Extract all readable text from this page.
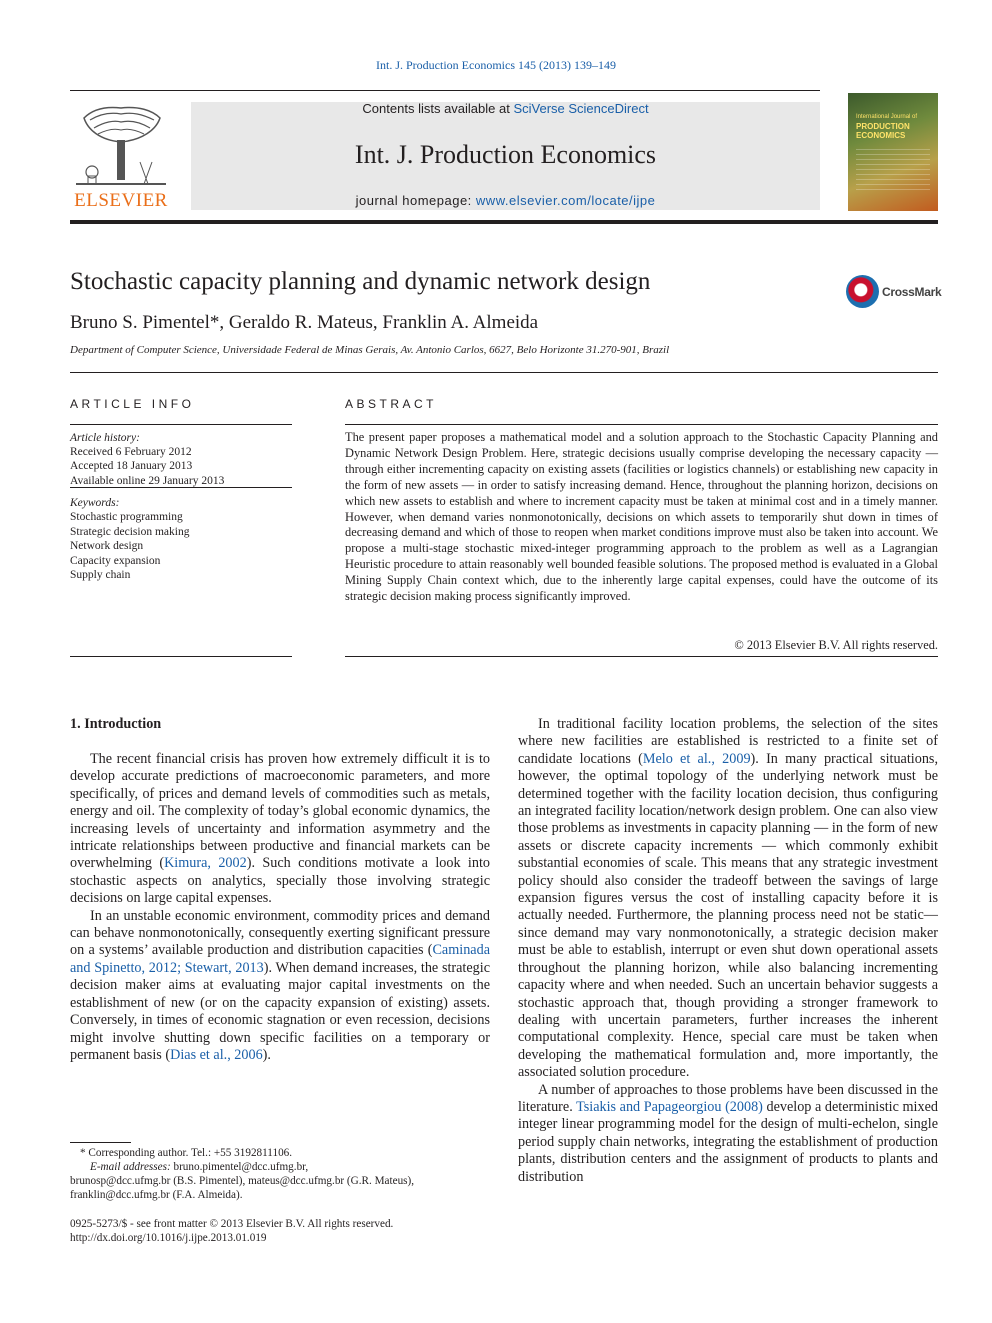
Int. J. Production Economics 145 (2013) 139–149
ELSEVIER
Contents lists available at SciVerse ScienceDirect
Int. J. Production Economics
journal homepage: www.elsevier.com/locate/ijpe
International Journal of
PRODUCTION
ECONOMICS
Stochastic capacity planning and dynamic network design	CrossMark
Bruno S. Pimentel*, Geraldo R. Mateus, Franklin A. Almeida
Department of Computer Science, Universidade Federal de Minas Gerais, Av. Antonio Carlos, 6627, Belo Horizonte 31.270-901, Brazil
ARTICLE INFO	ABSTRACT
Article history:
Received 6 February 2012
Accepted 18 January 2013
Available online 29 January 2013
Keywords:
Stochastic programming
Strategic decision making
Network design
Capacity expansion
Supply chain
The present paper proposes a mathematical model and a solution approach to the Stochastic Capacity Planning and Dynamic Network Design Problem. Here, strategic decisions usually comprise developing the necessary capacity — through either incrementing capacity on existing assets (facilities or logistics channels) or establishing new capacity in the form of new assets — in order to satisfy increasing demand. Hence, throughout the planning horizon, decisions on which new assets to establish and where to increment capacity must be taken at minimal cost and in a timely manner. However, when demand varies nonmonotonically, decisions on which assets to temporarily shut down in times of decreasing demand and which of those to reopen when market conditions improve must also be taken into account. We propose a multi-stage stochastic mixed-integer programming approach to the problem as well as a Lagrangian Heuristic procedure to attain reasonably well bounded feasible solutions. The proposed method is evaluated in a Global Mining Supply Chain context which, due to the inherently large capital expenses, could have the outcome of its strategic decision making process significantly improved.
© 2013 Elsevier B.V. All rights reserved.
1. Introduction

The recent financial crisis has proven how extremely difficult it is to develop accurate predictions of macroeconomic parameters, and more specifically, of prices and demand levels of commodities such as metals, energy and oil. The complexity of today’s global economic dynamics, the increasing levels of uncertainty and information asymmetry and the intricate relationships between productive and financial markets can be overwhelming (Kimura, 2002). Such conditions motivate a look into stochastic aspects on analytics, specially those involving strategic decisions on large capital expenses.

In an unstable economic environment, commodity prices and demand can behave nonmonotonically, consequently exerting significant pressure on a systems’ available production and distribution capacities (Caminada and Spinetto, 2012; Stewart, 2013). When demand increases, the strategic decision maker aims at evaluating major capital investments on the establishment of new (or on the capacity expansion of existing) assets. Conversely, in times of economic stagnation or even recession, decisions might involve shutting down specific facilities on a temporary or permanent basis (Dias et al., 2006).

In traditional facility location problems, the selection of the sites where new facilities are established is restricted to a finite set of candidate locations (Melo et al., 2009). In many practical situations, however, the optimal topology of the underlying network must be determined together with the facility location decision, thus configuring an integrated facility location/network design problem. One can also view those problems as investments in capacity planning — in the form of new assets or discrete capacity increments — which commonly exhibit substantial economies of scale. This means that any strategic investment policy should also consider the tradeoff between the savings of large expansion figures versus the cost of installing capacity before it is actually needed. Furthermore, the planning process need not be static—since demand may vary nonmonotonically, a strategic decision maker must be able to establish, interrupt or even shut down operational assets throughout the planning horizon, while also balancing incrementing capacity where and when needed. Such an uncertain behavior suggests a stochastic approach that, though providing a stronger framework to dealing with uncertain parameters, further increases the inherent computational complexity. Hence, special care must be taken when developing the mathematical formulation and, more importantly, the associated solution procedure.

A number of approaches to those problems have been discussed in the literature. Tsiakis and Papageorgiou (2008) develop a deterministic mixed integer linear programming model for the design of multi-echelon, single period supply chain networks, integrating the establishment of production plants, distribution centers and the assignment of products to plants and distribution

* Corresponding author. Tel.: +55 3192811106.
E-mail addresses: bruno.pimentel@dcc.ufmg.br,
brunosp@dcc.ufmg.br (B.S. Pimentel), mateus@dcc.ufmg.br (G.R. Mateus),
franklin@dcc.ufmg.br (F.A. Almeida).
0925-5273/$ - see front matter © 2013 Elsevier B.V. All rights reserved.
http://dx.doi.org/10.1016/j.ijpe.2013.01.019
